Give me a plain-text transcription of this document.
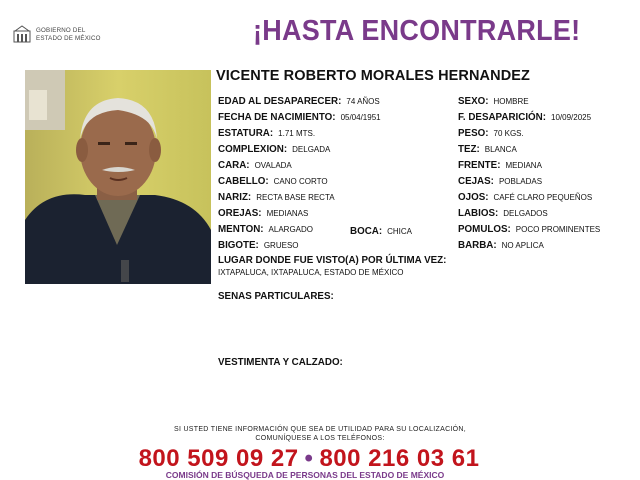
GOBIERNO DEL
ESTADO DE MÉXICO	¡HASTA ENCONTRARLE!
VICENTE ROBERTO MORALES HERNANDEZ
EDAD AL DESAPARECER: 74 AÑOS
FECHA DE NACIMIENTO: 05/04/1951
ESTATURA: 1.71 MTS.
COMPLEXION: DELGADA
CARA: OVALADA
CABELLO: CANO CORTO
NARIZ: RECTA BASE RECTA
OREJAS: MEDIANAS
MENTON: ALARGADO	BOCA: CHICA
BIGOTE: GRUESO
SEXO: HOMBRE
F. DESAPARICIÓN: 10/09/2025
PESO: 70 KGS.
TEZ: BLANCA
FRENTE: MEDIANA
CEJAS: POBLADAS
OJOS: CAFÉ CLARO PEQUEÑOS
LABIOS: DELGADOS
POMULOS: POCO PROMINENTES
BARBA: NO APLICA
LUGAR DONDE FUE VISTO(A) POR ÚLTIMA VEZ:
IXTAPALUCA, IXTAPALUCA, ESTADO DE MÉXICO
SENAS PARTICULARES:
VESTIMENTA Y CALZADO:
SI USTED TIENE INFORMACIÓN QUE SEA DE UTILIDAD PARA SU LOCALIZACIÓN,
COMUNÍQUESE A LOS TELÉFONOS:
800 509 09 27 • 800 216 03 61
COMISIÓN DE BÚSQUEDA DE PERSONAS DEL ESTADO DE MÉXICO
